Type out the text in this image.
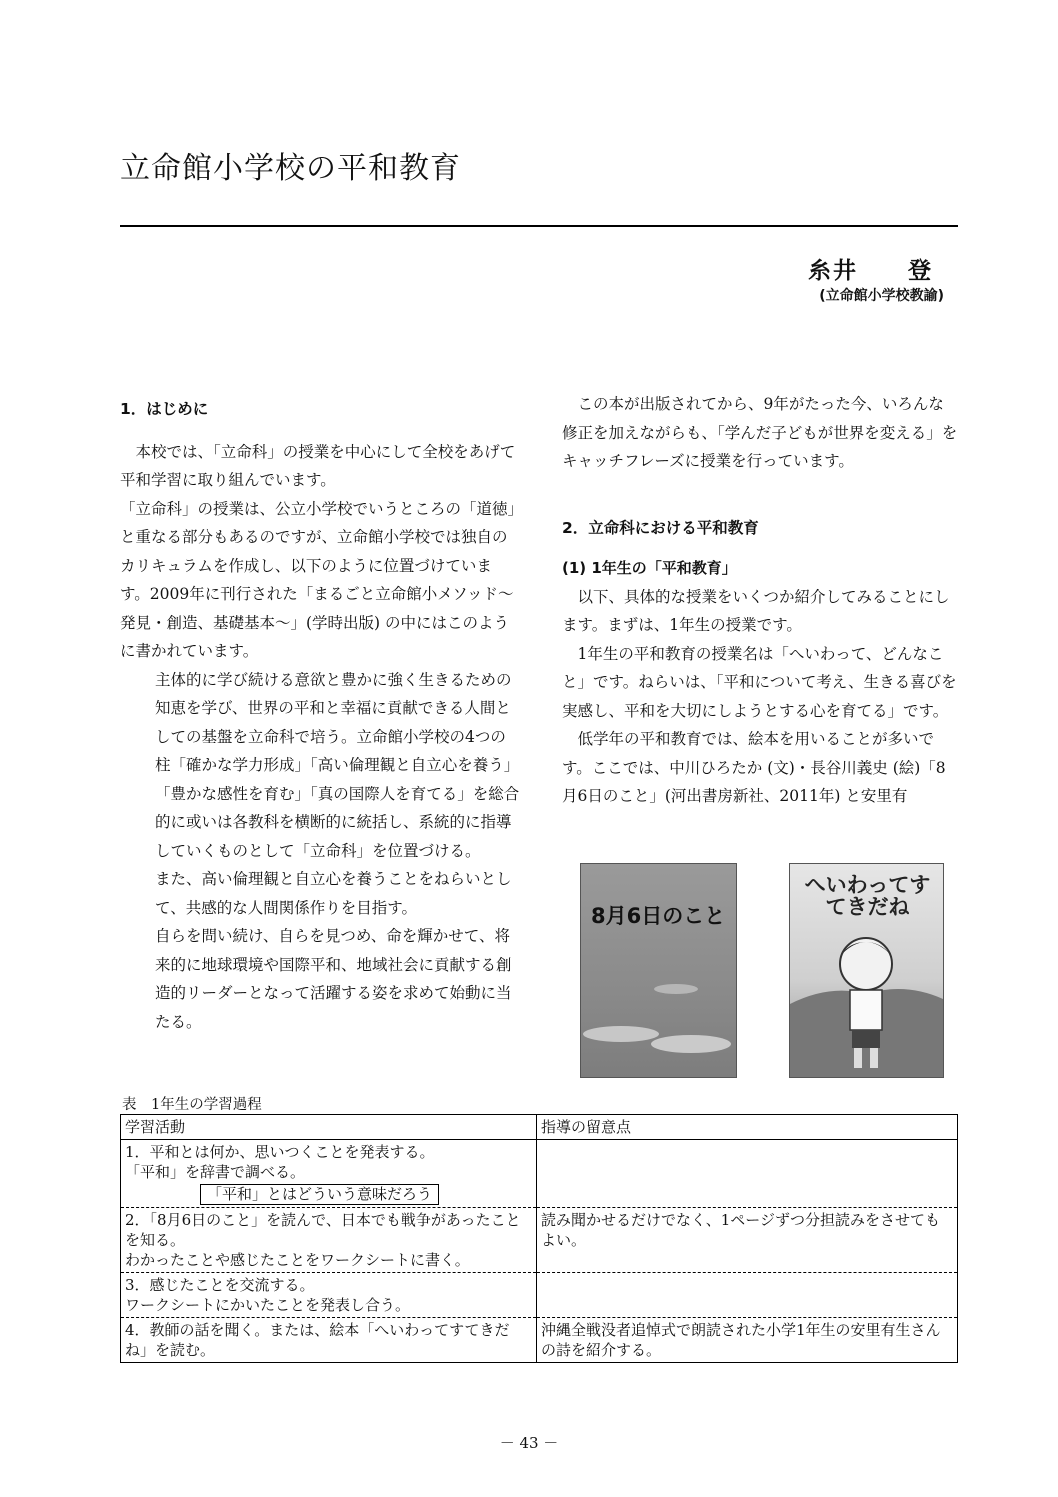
立命館小学校の平和教育
糸井　　登
(立命館小学校教諭)
1．はじめに

本校では、「立命科」の授業を中心にして全校をあげて平和学習に取り組んでいます。

「立命科」の授業は、公立小学校でいうところの「道徳」と重なる部分もあるのですが、立命館小学校では独自のカリキュラムを作成し、以下のように位置づけています。2009年に刊行された「まるごと立命館小メソッド～発見・創造、基礎基本～」(学時出版) の中にはこのように書かれています。

主体的に学び続ける意欲と豊かに強く生きるための知恵を学び、世界の平和と幸福に貢献できる人間としての基盤を立命科で培う。立命館小学校の4つの柱「確かな学力形成」「高い倫理観と自立心を養う」「豊かな感性を育む」「真の国際人を育てる」を総合的に或いは各教科を横断的に統括し、系統的に指導していくものとして「立命科」を位置づける。

また、高い倫理観と自立心を養うことをねらいとして、共感的な人間関係作りを目指す。

自らを問い続け、自らを見つめ、命を輝かせて、将来的に地球環境や国際平和、地域社会に貢献する創造的リーダーとなって活躍する姿を求めて始動に当たる。

この本が出版されてから、9年がたった今、いろんな修正を加えながらも、「学んだ子どもが世界を変える」をキャッチフレーズに授業を行っています。

2．立命科における平和教育
(1) 1年生の「平和教育」

以下、具体的な授業をいくつか紹介してみることにします。まずは、1年生の授業です。

1年生の平和教育の授業名は「へいわって、どんなこと」です。ねらいは、「平和について考え、生きる喜びを実感し、平和を大切にしようとする心を育てる」です。

低学年の平和教育では、絵本を用いることが多いです。ここでは、中川ひろたか (文)・長谷川義史 (絵)「8月6日のこと」(河出書房新社、2011年) と安里有

8月6日のこと
へいわってすてきだね
表　1年生の学習過程
学習活動	指導の留意点

1．平和とは何か、思いつくことを発表する。
「平和」を辞書で調べる。
「平和」とはどういう意味だろう	

2．「8月6日のこと」を読んで、日本でも戦争があったことを知る。
わかったことや感じたことをワークシートに書く。	読み聞かせるだけでなく、1ページずつ分担読みをさせてもよい。
3．感じたことを交流する。
ワークシートにかいたことを発表し合う。	
4．教師の話を聞く。または、絵本「へいわってすてきだね」を読む。	沖縄全戦没者追悼式で朗読された小学1年生の安里有生さんの詩を紹介する。
－ 43 －
